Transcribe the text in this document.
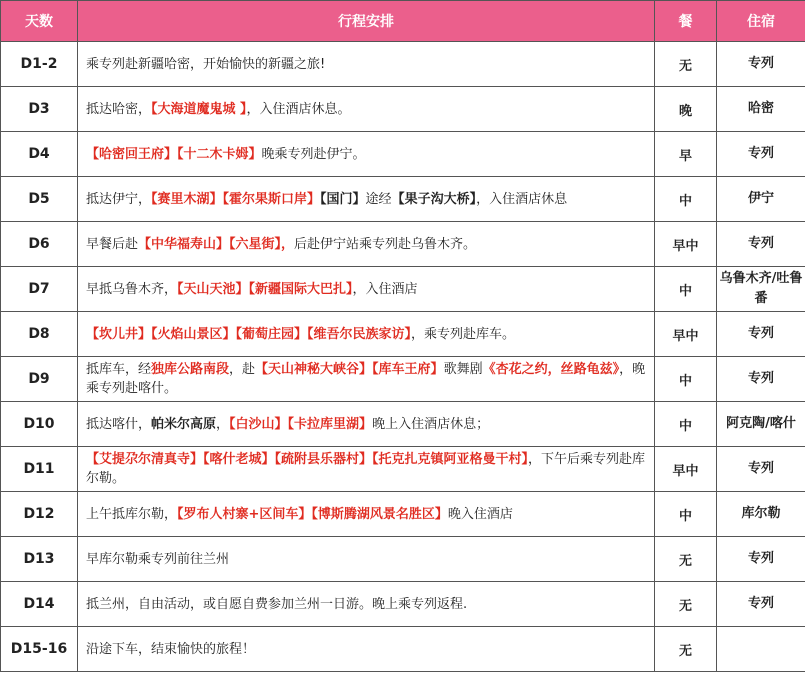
天数	行程安排	餐	住宿
D1-2	乘专列赴新疆哈密，开始愉快的新疆之旅!	无	专列
D3	抵达哈密，【大海道魔鬼城 】，入住酒店休息。	晚	哈密
D4	【哈密回王府】【十二木卡姆】晚乘专列赴伊宁。	早	专列
D5	抵达伊宁，【赛里木湖】【霍尔果斯口岸】【国门】途经【果子沟大桥】，入住酒店休息	中	伊宁
D6	早餐后赴【中华福寿山】【六星街】，后赴伊宁站乘专列赴乌鲁木齐。	早中	专列
D7	早抵乌鲁木齐，【天山天池】【新疆国际大巴扎】，入住酒店	中	乌鲁木齐/吐鲁番
D8	【坎儿井】【火焰山景区】【葡萄庄园】【维吾尔民族家访】，乘专列赴库车。	早中	专列
D9	抵库车，经独库公路南段，赴【天山神秘大峡谷】【库车王府】歌舞剧《杏花之约，丝路龟兹》，晚乘专列赴喀什。	中	专列
D10	抵达喀什，帕米尔高原，【白沙山】【卡拉库里湖】晚上入住酒店休息；	中	阿克陶/喀什
D11	【艾提尕尔清真寺】【喀什老城】【疏附县乐器村】【托克扎克镇阿亚格曼干村】，下午后乘专列赴库尔勒。	早中	专列
D12	上午抵库尔勒，【罗布人村寨+区间车】【博斯腾湖风景名胜区】晚入住酒店	中	库尔勒
D13	早库尔勒乘专列前往兰州	无	专列
D14	抵兰州，自由活动，或自愿自费参加兰州一日游。晚上乘专列返程.	无	专列
D15-16	沿途下车，结束愉快的旅程！	无	
